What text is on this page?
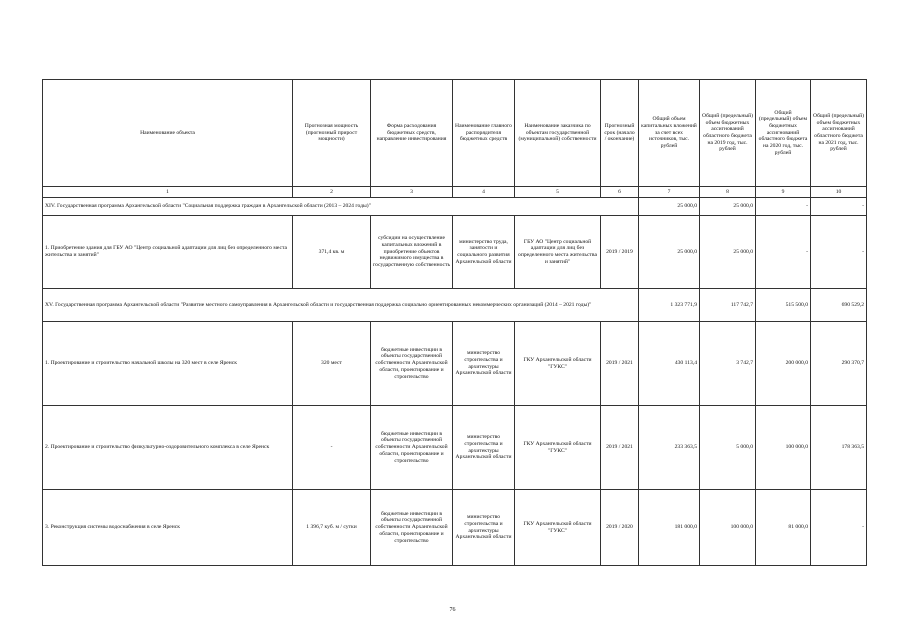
Наименование объекта	Прогнозная мощность (прогнозный прирост мощности)	Форма расходования бюджетных средств, направление инвестирования	Наименование главного распорядителя бюджетных средств	Наименование заказчика по объектам государственной (муниципальной) собственности	Прогнозный срок (начало / окончание)	Общий объем капитальных вложений за счет всех источников, тыс. рублей	Общий (предельный) объем бюджетных ассигнований областного бюджета на 2019 год, тыс. рублей	Общий (предельный) объем бюджетных ассигнований областного бюджета на 2020 год, тыс. рублей	Общий (предельный) объем бюджетных ассигнований областного бюджета на 2021 год, тыс. рублей
1	2	3	4	5	6	7	8	9	10
XIV. Государственная программа Архангельской области "Социальная поддержка граждан в Архангельской области (2013 – 2024 годы)"						25 000,0	25 000,0	-	-
1. Приобретение здания для ГБУ АО "Центр социальной адаптации для лиц без определенного места жительства и занятий"	371,4 кв. м	субсидии на осуществление капитальных вложений в приобретение объектов недвижимого имущества в государственную собственность	министерство труда, занятости и социального развития Архангельской области	ГБУ АО "Центр социальной адаптации для лиц без определенного места жительства и занятий"	2019 / 2019	25 000,0	25 000,0	-	-
XV. Государственная программа Архангельской области "Развитие местного самоуправления в Архангельской области и государственная поддержка социально ориентированных некоммерческих организаций (2014 – 2021 годы)"						1 323 771,9	117 742,7	515 500,0	690 529,2
1. Проектирование и строительство начальной школы на 320 мест в селе Яренск	320 мест	бюджетные инвестиции в объекты государственной собственности Архангельской области, проектирование и строительство	министерство строительства и архитектуры Архангельской области	ГКУ Архангельской области "ГУКС"	2019 / 2021	430 113,4	3 742,7	200 000,0	290 370,7
2. Проектирование и строительство физкультурно-оздоровительного комплекса в селе Яренск	-	бюджетные инвестиции в объекты государственной собственности Архангельской области, проектирование и строительство	министерство строительства и архитектуры Архангельской области	ГКУ Архангельской области "ГУКС"	2019 / 2021	233 363,5	5 000,0	100 000,0	178 363,5
3. Реконструкция системы водоснабжения в селе Яренск	1 396,7 куб. м / сутки	бюджетные инвестиции в объекты государственной собственности Архангельской области, проектирование и строительство	министерство строительства и архитектуры Архангельской области	ГКУ Архангельской области "ГУКС"	2019 / 2020	181 000,0	100 000,0	81 000,0	-
76
